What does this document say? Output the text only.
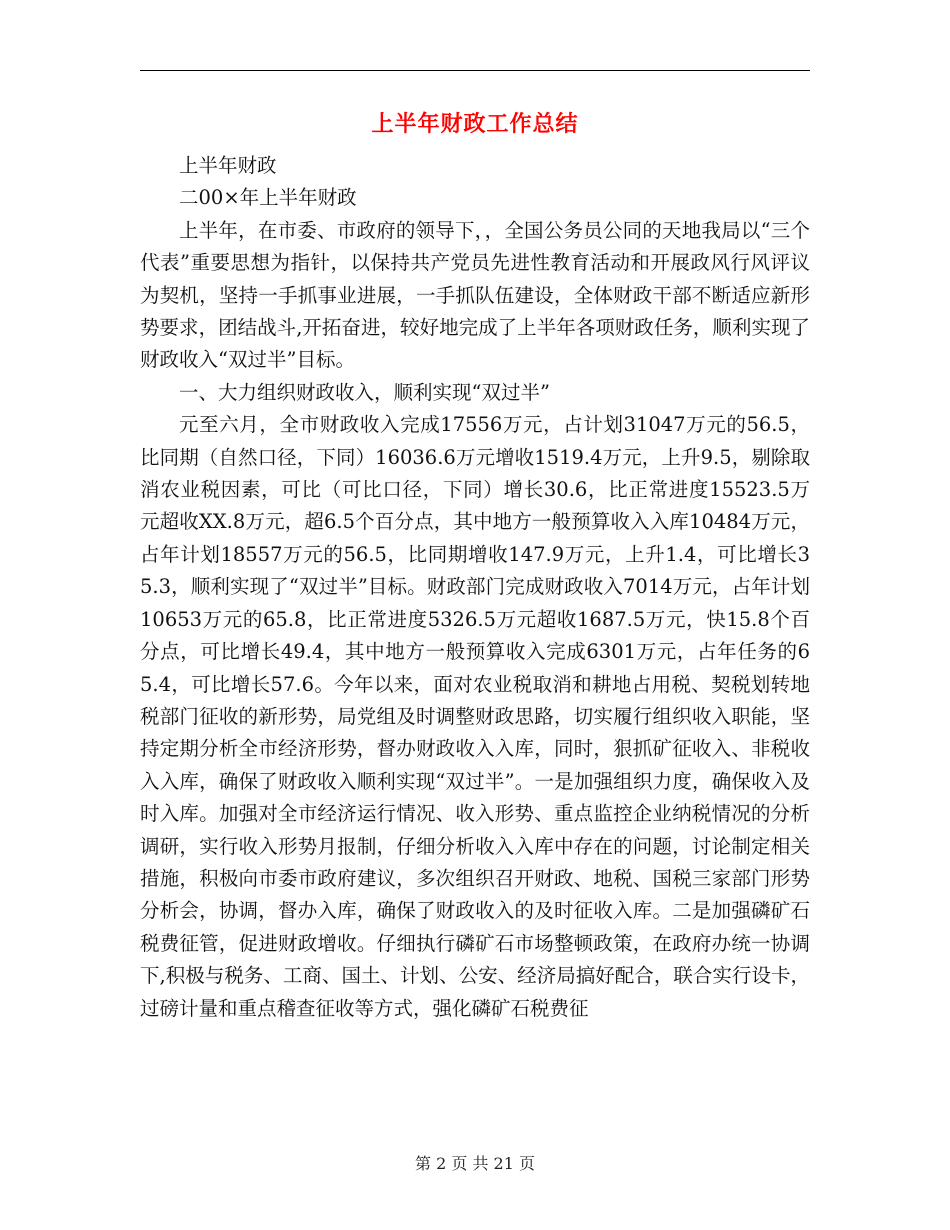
上半年财政工作总结

上半年财政

二00×年上半年财政

上半年，在市委、市政府的领导下，，全国公务员公同的天地我局以“三个代表”重要思想为指针，以保持共产党员先进性教育活动和开展政风行风评议为契机，坚持一手抓事业进展，一手抓队伍建设，全体财政干部不断适应新形势要求，团结战斗,开拓奋进，较好地完成了上半年各项财政任务，顺利实现了财政收入“双过半”目标。

一、大力组织财政收入，顺利实现“双过半”

元至六月，全市财政收入完成17556万元，占计划31047万元的56.5，比同期（自然口径，下同）16036.6万元增收1519.4万元，上升9.5，剔除取消农业税因素，可比（可比口径，下同）增长30.6，比正常进度15523.5万元超收XX.8万元，超6.5个百分点，其中地方一般预算收入入库10484万元，占年计划18557万元的56.5，比同期增收147.9万元，上升1.4，可比增长35.3，顺利实现了“双过半”目标。财政部门完成财政收入7014万元，占年计划10653万元的65.8，比正常进度5326.5万元超收1687.5万元，快15.8个百分点，可比增长49.4，其中地方一般预算收入完成6301万元，占年任务的65.4，可比增长57.6。今年以来，面对农业税取消和耕地占用税、契税划转地税部门征收的新形势，局党组及时调整财政思路，切实履行组织收入职能，坚持定期分析全市经济形势，督办财政收入入库，同时，狠抓矿征收入、非税收入入库，确保了财政收入顺利实现“双过半”。一是加强组织力度，确保收入及时入库。加强对全市经济运行情况、收入形势、重点监控企业纳税情况的分析调研，实行收入形势月报制，仔细分析收入入库中存在的问题，讨论制定相关措施，积极向市委市政府建议，多次组织召开财政、地税、国税三家部门形势分析会，协调，督办入库，确保了财政收入的及时征收入库。二是加强磷矿石税费征管，促进财政增收。仔细执行磷矿石市场整顿政策，在政府办统一协调下,积极与税务、工商、国土、计划、公安、经济局搞好配合，联合实行设卡，过磅计量和重点稽查征收等方式，强化磷矿石税费征

第 2 页 共 21 页
